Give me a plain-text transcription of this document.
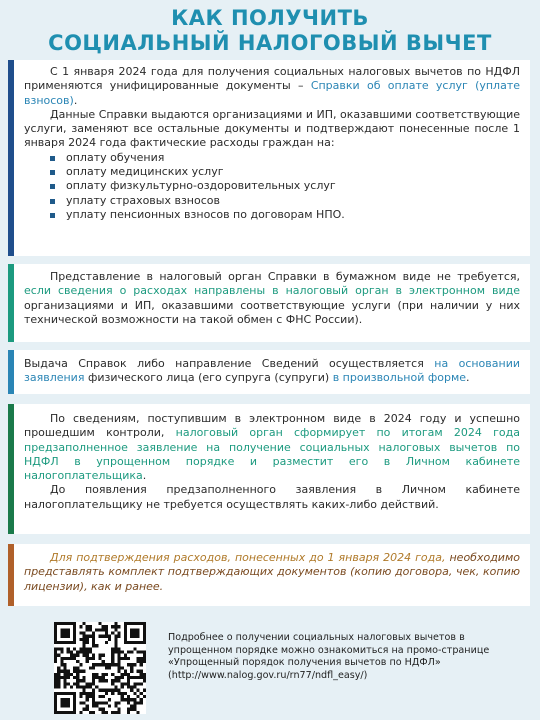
КАК ПОЛУЧИТЬ
СОЦИАЛЬНЫЙ НАЛОГОВЫЙ ВЫЧЕТ

С 1 января 2024 года для получения социальных налоговых вычетов по НДФЛ применяются унифицированные документы – Справки об оплате услуг (уплате взносов).

Данные Справки выдаются организациями и ИП, оказавшими соответствующие услуги, заменяют все остальные документы и подтверждают понесенные после 1 января 2024 года фактические расходы граждан на:

оплату обучения
оплату медицинских услуг
оплату физкультурно-оздоровительных услуг
уплату страховых взносов
уплату пенсионных взносов по договорам НПО.

Представление в налоговый орган Справки в бумажном виде не требуется, если сведения о расходах направлены в налоговый орган в электронном виде организациями и ИП, оказавшими соответствующие услуги (при наличии у них технической возможности на такой обмен с ФНС России).

Выдача Справок либо направление Сведений осуществляется на основании заявления физического лица (его супруга (супруги) в произвольной форме.

По сведениям, поступившим в электронном виде в 2024 году и успешно прошедшим контроли, налоговый орган сформирует по итогам 2024 года предзаполненное заявление на получение социальных налоговых вычетов по НДФЛ в упрощенном порядке и разместит его в Личном кабинете налогоплательщика.

До появления предзаполненного заявления в Личном кабинете налогоплательщику не требуется осуществлять каких-либо действий.

Для подтверждения расходов, понесенных до 1 января 2024 года, необходимо представлять комплект подтверждающих документов (копию договора, чек, копию лицензии), как и ранее.

Подробнее о получении социальных налоговых вычетов в
упрощенном порядке можно ознакомиться на промо-странице
«Упрощенный порядок получения вычетов по НДФЛ»
(http://www.nalog.gov.ru/rn77/ndfl_easy/)
